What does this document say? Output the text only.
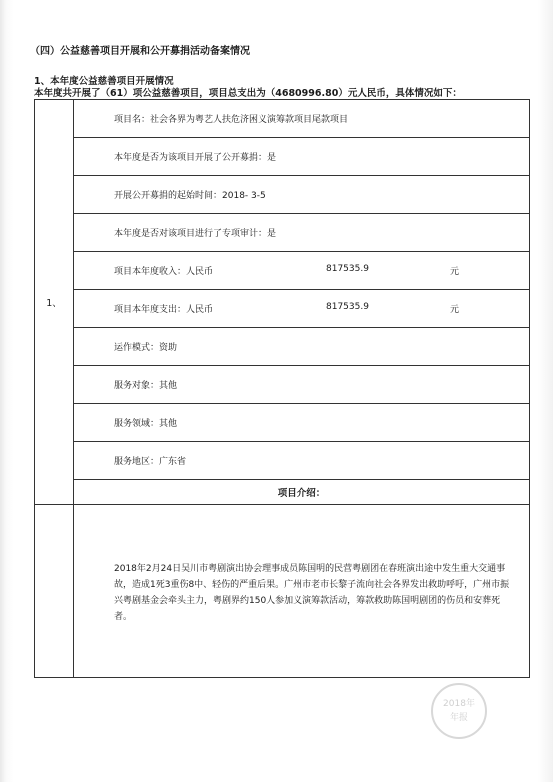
（四）公益慈善项目开展和公开募捐活动备案情况
1、本年度公益慈善项目开展情况
本年度共开展了（61）项公益慈善项目，项目总支出为（4680996.80）元人民币，具体情况如下：
1、	项目名：社会各界为粤艺人扶危济困义演筹款项目尾款项目
	本年度是否为该项目开展了公开募捐：是
	开展公开募捐的起始时间：2018- 3-5
	本年度是否对该项目进行了专项审计：是

	项目本年度收入：人民币 817535.9 元

	项目本年度支出：人民币 817535.9 元

	运作模式：资助
	服务对象：其他
	服务领域：其他
	服务地区：广东省
	项目介绍：

	2018年2月24日吴川市粤剧演出协会理事成员陈国明的民营粤剧团在春班演出途中发生重大交通事故，造成1死3重伤8中、轻伤的严重后果。广州市老市长黎子流向社会各界发出救助呼吁，广州市振兴粤剧基金会牵头主力，粤剧界约150人参加义演筹款活动，筹款救助陈国明剧团的伤员和安葬死者。
2018年
年报
